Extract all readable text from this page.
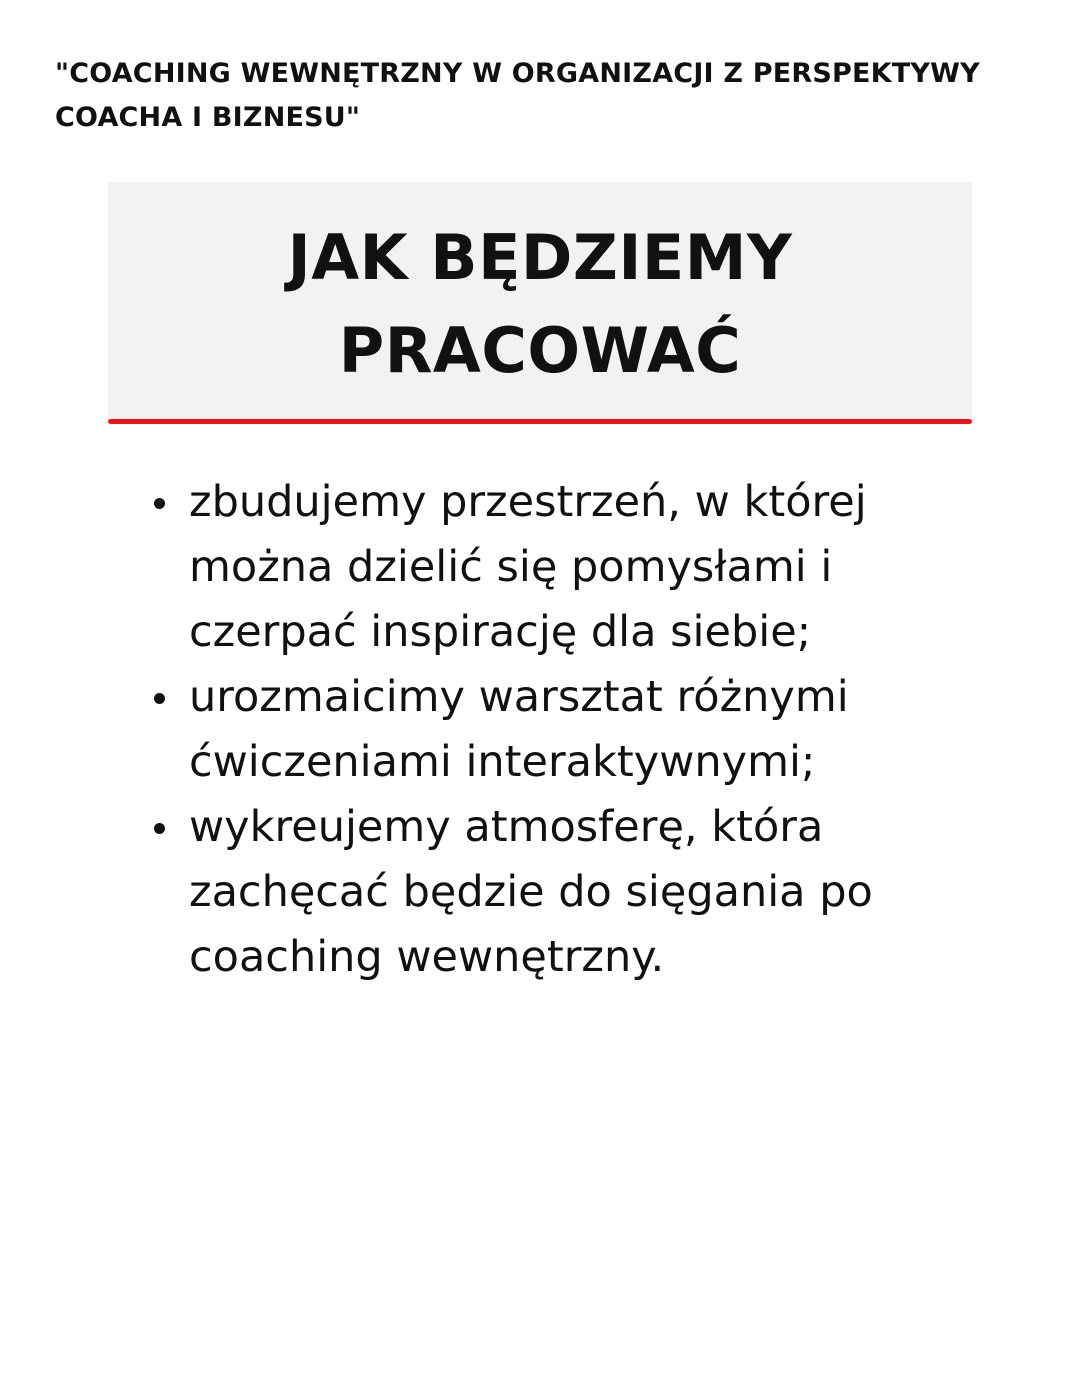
"COACHING WEWNĘTRZNY W ORGANIZACJI Z PERSPEKTYWY COACHA I BIZNESU"
JAK BĘDZIEMY
PRACOWAĆ
zbudujemy przestrzeń, w której można dzielić się pomysłami i czerpać inspirację dla siebie;
urozmaicimy warsztat różnymi ćwiczeniami interaktywnymi;
wykreujemy atmosferę, która zachęcać będzie do sięgania po coaching wewnętrzny.
